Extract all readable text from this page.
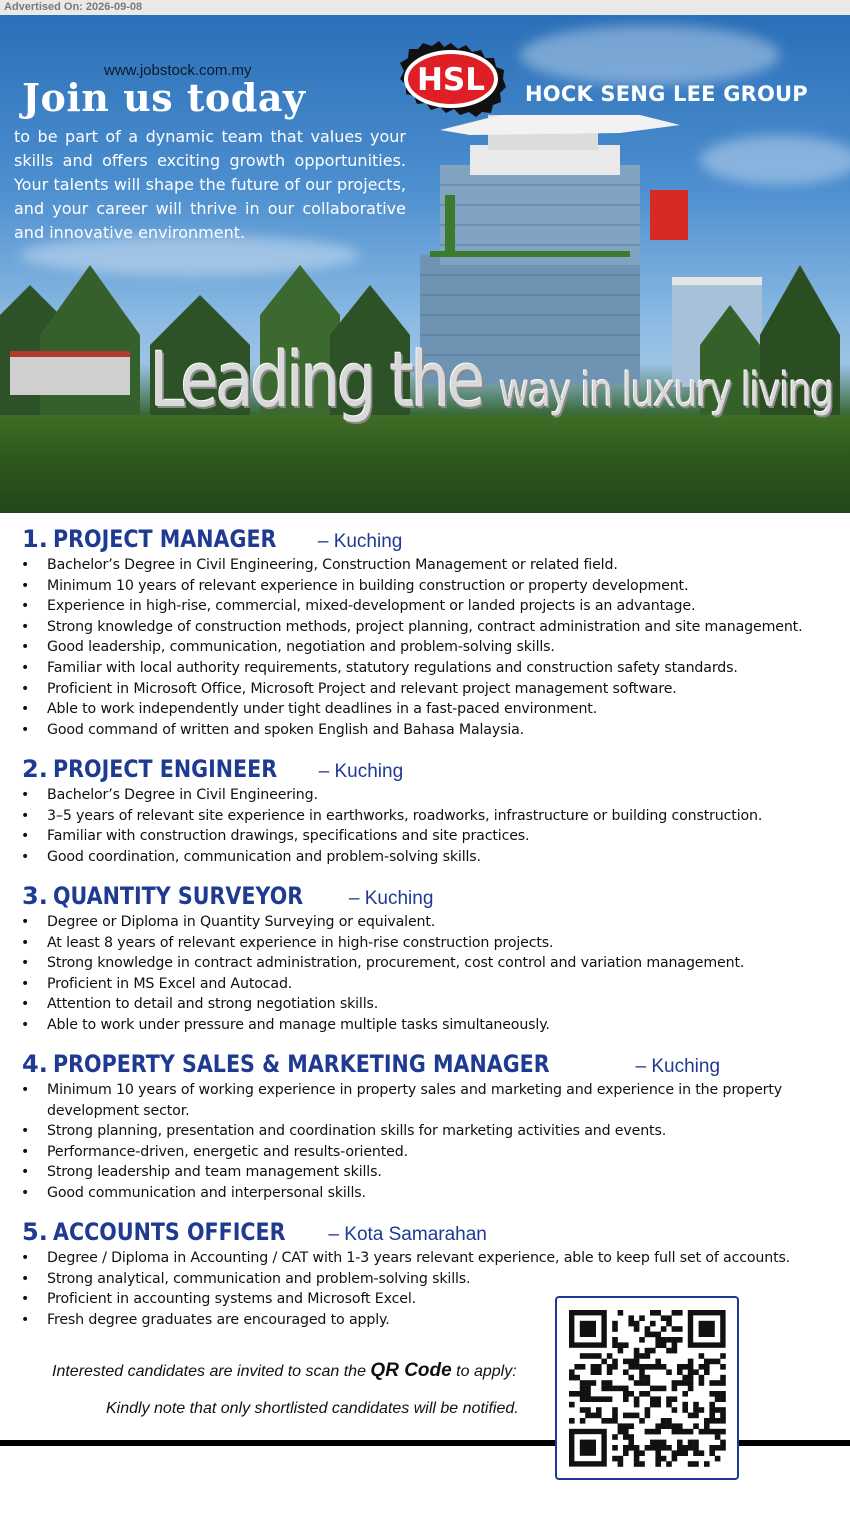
Advertised On: 2026-09-08
www.jobstock.com.my
Join us today
to be part of a dynamic team that values your skills and offers exciting growth opportunities. Your talents will shape the future of our projects, and your career will thrive in our collaborative and innovative environment.
HSL HOCK SENG LEE GROUP
Leading the way in luxury living
1. PROJECT MANAGER – Kuching
• Bachelor’s Degree in Civil Engineering, Construction Management or related field.
• Minimum 10 years of relevant experience in building construction or property development.
• Experience in high-rise, commercial, mixed-development or landed projects is an advantage.
• Strong knowledge of construction methods, project planning, contract administration and site management.
• Good leadership, communication, negotiation and problem-solving skills.
• Familiar with local authority requirements, statutory regulations and construction safety standards.
• Proficient in Microsoft Office, Microsoft Project and relevant project management software.
• Able to work independently under tight deadlines in a fast-paced environment.
• Good command of written and spoken English and Bahasa Malaysia.
2. PROJECT ENGINEER – Kuching
• Bachelor’s Degree in Civil Engineering.
• 3–5 years of relevant site experience in earthworks, roadworks, infrastructure or building construction.
• Familiar with construction drawings, specifications and site practices.
• Good coordination, communication and problem-solving skills.
3. QUANTITY SURVEYOR – Kuching
• Degree or Diploma in Quantity Surveying or equivalent.
• At least 8 years of relevant experience in high-rise construction projects.
• Strong knowledge in contract administration, procurement, cost control and variation management.
• Proficient in MS Excel and Autocad.
• Attention to detail and strong negotiation skills.
• Able to work under pressure and manage multiple tasks simultaneously.
4. PROPERTY SALES & MARKETING MANAGER	– Kuching
• Minimum 10 years of working experience in property sales and marketing and experience in the property development sector.
• Strong planning, presentation and coordination skills for marketing activities and events.
• Performance-driven, energetic and results-oriented.
• Strong leadership and team management skills.
• Good communication and interpersonal skills.
5. ACCOUNTS OFFICER – Kota Samarahan
• Degree / Diploma in Accounting / CAT with 1-3 years relevant experience, able to keep full set of accounts.
• Strong analytical, communication and problem-solving skills.
• Proficient in accounting systems and Microsoft Excel.
• Fresh degree graduates are encouraged to apply.
Interested candidates are invited to scan the QR Code to apply:
Kindly note that only shortlisted candidates will be notified.
